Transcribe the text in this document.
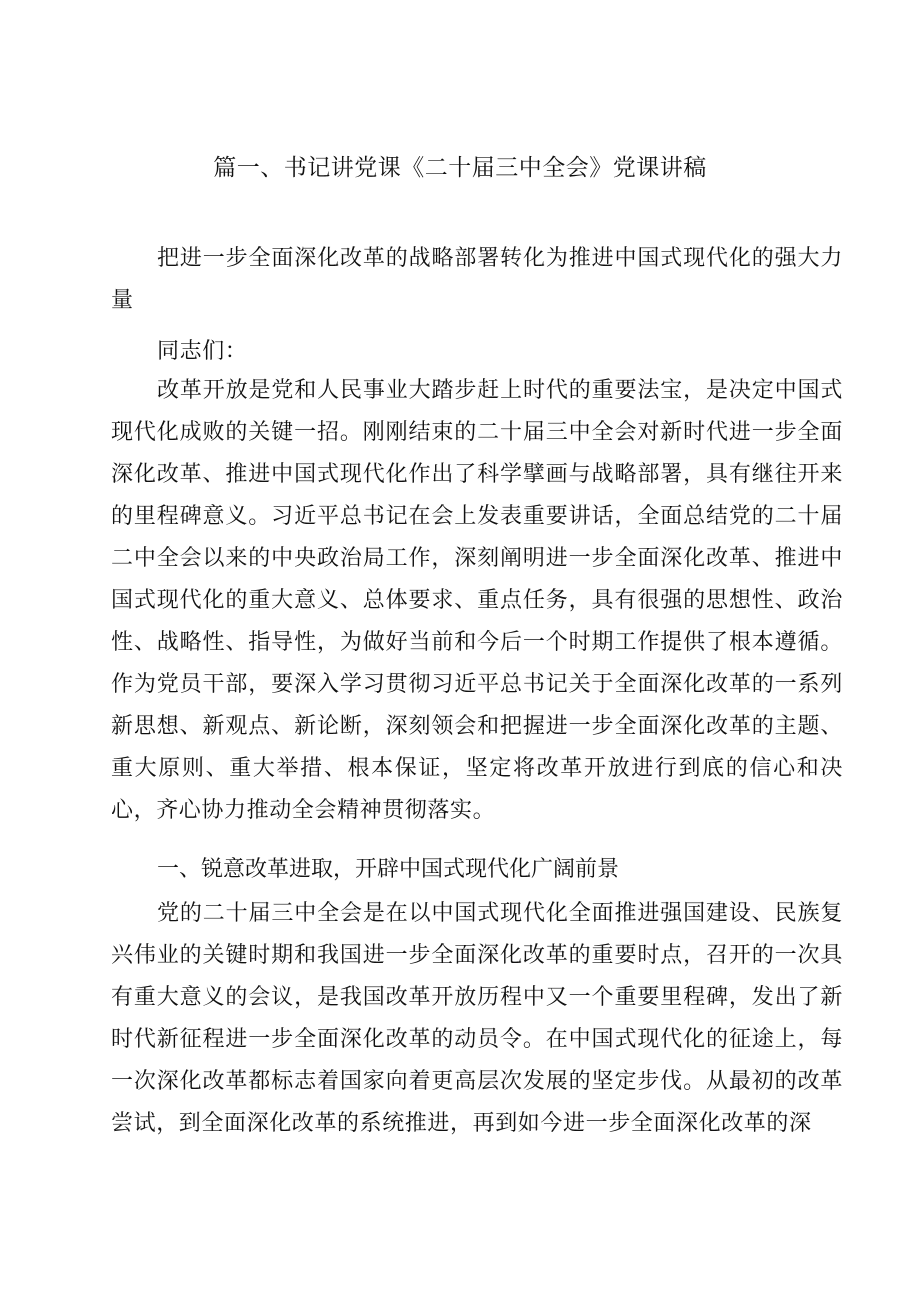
篇一、书记讲党课《二十届三中全会》党课讲稿
把进一步全面深化改革的战略部署转化为推进中国式现代化的强大力量
同志们：
改革开放是党和人民事业大踏步赶上时代的重要法宝，是决定中国式现代化成败的关键一招。刚刚结束的二十届三中全会对新时代进一步全面深化改革、推进中国式现代化作出了科学擘画与战略部署，具有继往开来的里程碑意义。习近平总书记在会上发表重要讲话，全面总结党的二十届二中全会以来的中央政治局工作，深刻阐明进一步全面深化改革、推进中国式现代化的重大意义、总体要求、重点任务，具有很强的思想性、政治性、战略性、指导性，为做好当前和今后一个时期工作提供了根本遵循。作为党员干部，要深入学习贯彻习近平总书记关于全面深化改革的一系列新思想、新观点、新论断，深刻领会和把握进一步全面深化改革的主题、重大原则、重大举措、根本保证，坚定将改革开放进行到底的信心和决心，齐心协力推动全会精神贯彻落实。
一、锐意改革进取，开辟中国式现代化广阔前景
党的二十届三中全会是在以中国式现代化全面推进强国建设、民族复兴伟业的关键时期和我国进一步全面深化改革的重要时点，召开的一次具有重大意义的会议，是我国改革开放历程中又一个重要里程碑，发出了新时代新征程进一步全面深化改革的动员令。在中国式现代化的征途上，每一次深化改革都标志着国家向着更高层次发展的坚定步伐。从最初的改革尝试，到全面深化改革的系统推进，再到如今进一步全面深化改革的深
